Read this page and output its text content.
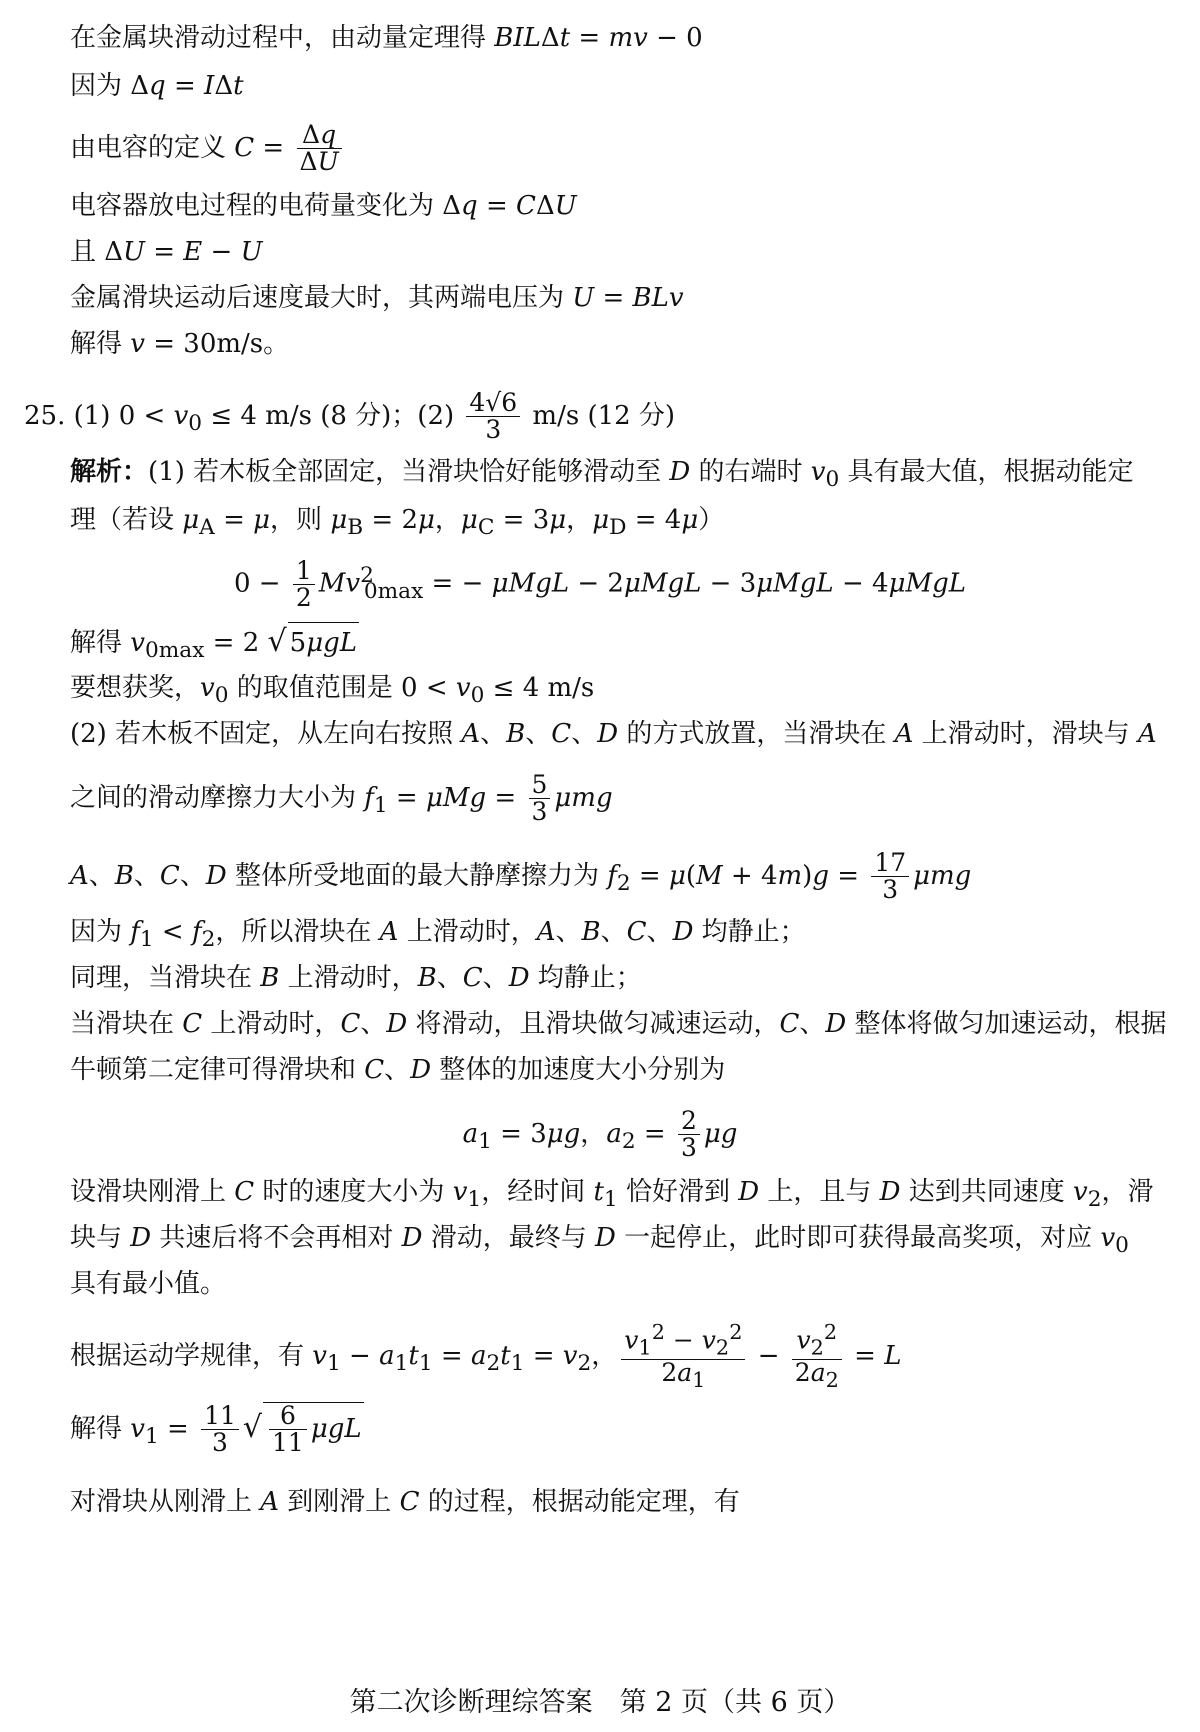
在金属块滑动过程中，由动量定理得 BILΔt = mv − 0
因为 Δq = IΔt
由电容的定义 $C = \frac{\Delta q}{\Delta U}$
电容器放电过程的电荷量变化为 Δq = CΔU
且 ΔU = E − U
金属滑块运动后速度最大时，其两端电压为 U = BLv
解得 v = 30m/s。
25. (1) $0 < v_0 \le 4$ m/s (8 分)；$(2) \frac{4√6}{3} m/s$ (12 分)
解析：(1) 若木板全部固定，当滑块恰好能够滑动至 D 的右端时 $v_0$ 具有最大值，根据动能定
理（若设 $\mu_A = \mu$，则 $\mu_B = 2\mu$，$\mu_C = 3\mu$，$\mu_D = 4\mu$）
$0 - \frac{1}{2} Mv^2_{0max}$ = − μMgL − 2μMgL − 3μMgL − 4μMgL
解得 $v_{0max} = 2$ √ 5μgL
要想获奖，$v_0$ 的取值范围是 $0 < v_0 \le 4$ m/s
(2) 若木板不固定，从左向右按照 A、B、C、D 的方式放置，当滑块在 A 上滑动时，滑块与 A
之间的滑动摩擦力大小为 $f_1 = \mu Mg = \frac{5}{3}$ μmg
A、B、C、D 整体所受地面的最大静摩擦力为 $f_2 = \mu(M + 4m)g = \frac{17}{3}$ μmg
因为 $f_1 < f_2$，所以滑块在 A 上滑动时，A、B、C、D 均静止；
同理，当滑块在 B 上滑动时，B、C、D 均静止；
当滑块在 C 上滑动时，C、D 将滑动，且滑块做匀减速运动，C、D 整体将做匀加速运动，根据
牛顿第二定律可得滑块和 C、D 整体的加速度大小分别为
$a_1 = 3\mu g$，$a_2 = \frac{2}{3}$ μg
设滑块刚滑上 C 时的速度大小为 $v_1$，经时间 $t_1$ 恰好滑到 D 上，且与 D 达到共同速度 $v_2$，滑
块与 D 共速后将不会再相对 D 滑动，最终与 D 一起停止，此时即可获得最高奖项，对应 $v_0$
具有最小值。
根据运动学规律，有 $v_1 - a_1t_1 = a_2t_1 = v_2$， $\frac{v_1^2 - v_2^2}{2a_1} - \frac{v_2^2}{2a_2} = L$
解得 $v_1 = \frac{11}{3}$ √ $\frac{6}{11}$ μgL
对滑块从刚滑上 A 到刚滑上 C 的过程，根据动能定理，有
第二次诊断理综答案　第 2 页（共 6 页）
